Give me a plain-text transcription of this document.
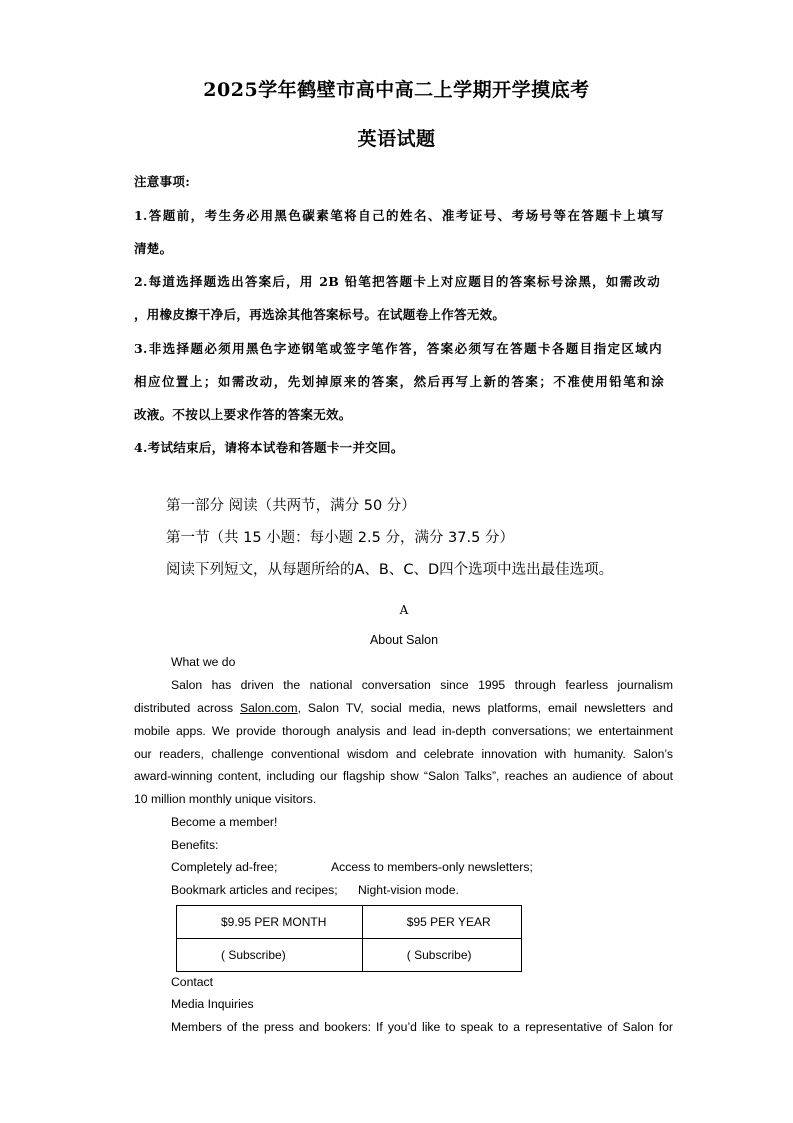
2025学年鹤壁市高中高二上学期开学摸底考
英语试题
注意事项:
1.答题前，考生务必用黑色碳素笔将自己的姓名、准考证号、考场号等在答题卡上填写
清楚。
2.每道选择题选出答案后，用 2B 铅笔把答题卡上对应题目的答案标号涂黑，如需改动
，用橡皮擦干净后，再选涂其他答案标号。在试题卷上作答无效。
3.非选择题必须用黑色字迹钢笔或签字笔作答，答案必须写在答题卡各题目指定区域内
相应位置上；如需改动，先划掉原来的答案，然后再写上新的答案；不准使用铅笔和涂
改液。不按以上要求作答的答案无效。
4.考试结束后，请将本试卷和答题卡一并交回。
第一部分 阅读（共两节，满分 50 分）
第一节（共 15 小题：每小题 2.5 分，满分 37.5 分）
阅读下列短文，从每题所给的A、B、C、D四个选项中选出最佳选项。
A
About Salon
What we do
Salon has driven the national conversation since 1995 through fearless journalism
distributed across Salon.com, Salon TV, social media, news platforms, email newsletters and
mobile apps. We provide thorough analysis and lead in-depth conversations; we entertainment
our readers, challenge conventional wisdom and celebrate innovation with humanity. Salon’s
award-winning content, including our flagship show “Salon Talks”, reaches an audience of about
10 million monthly unique visitors.
Become a member!
Benefits:
Completely ad-free;	Access to members-only newsletters;
Bookmark articles and recipes; Night-vision mode.
$9.95 PER MONTH	$95 PER YEAR
( Subscribe)	( Subscribe)
Contact
Media Inquiries
Members of the press and bookers: If you’d like to speak to a representative of Salon for
